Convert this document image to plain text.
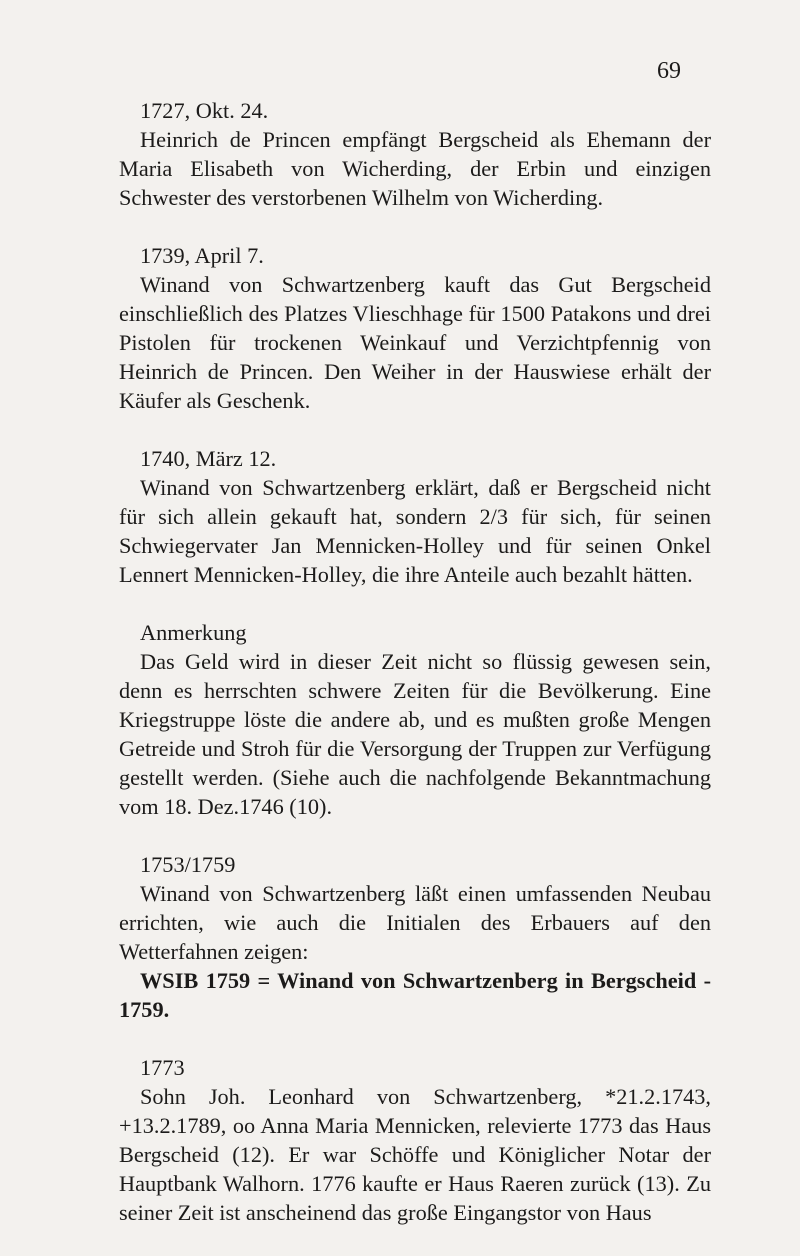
69

1727, Okt. 24.

Heinrich de Princen empfängt Bergscheid als Ehemann der Maria Elisabeth von Wicherding, der Erbin und einzigen Schwester des verstorbenen Wilhelm von Wicherding.

1739, April 7.

Winand von Schwartzenberg kauft das Gut Bergscheid einschließlich des Platzes Vlieschhage für 1500 Patakons und drei Pistolen für trockenen Weinkauf und Verzichtpfennig von Heinrich de Princen. Den Weiher in der Hauswiese erhält der Käufer als Geschenk.

1740, März 12.

Winand von Schwartzenberg erklärt, daß er Bergscheid nicht für sich allein gekauft hat, sondern 2/3 für sich, für seinen Schwiegervater Jan Mennicken-Holley und für seinen Onkel Lennert Mennicken-Holley, die ihre Anteile auch bezahlt hätten.

Anmerkung

Das Geld wird in dieser Zeit nicht so flüssig gewesen sein, denn es herrschten schwere Zeiten für die Bevölkerung. Eine Kriegstruppe löste die andere ab, und es mußten große Mengen Getreide und Stroh für die Versorgung der Truppen zur Verfügung gestellt werden. (Siehe auch die nachfolgende Bekanntmachung vom 18. Dez.1746 (10).

1753/1759

Winand von Schwartzenberg läßt einen umfassenden Neubau errichten, wie auch die Initialen des Erbauers auf den Wetterfahnen zeigen:

WSIB 1759 = Winand von Schwartzenberg in Bergscheid - 1759.

1773

Sohn Joh. Leonhard von Schwartzenberg, *21.2.1743, +13.2.1789, oo Anna Maria Mennicken, relevierte 1773 das Haus Bergscheid (12). Er war Schöffe und Königlicher Notar der Hauptbank Walhorn. 1776 kaufte er Haus Raeren zurück (13). Zu seiner Zeit ist anscheinend das große Eingangstor von Haus
